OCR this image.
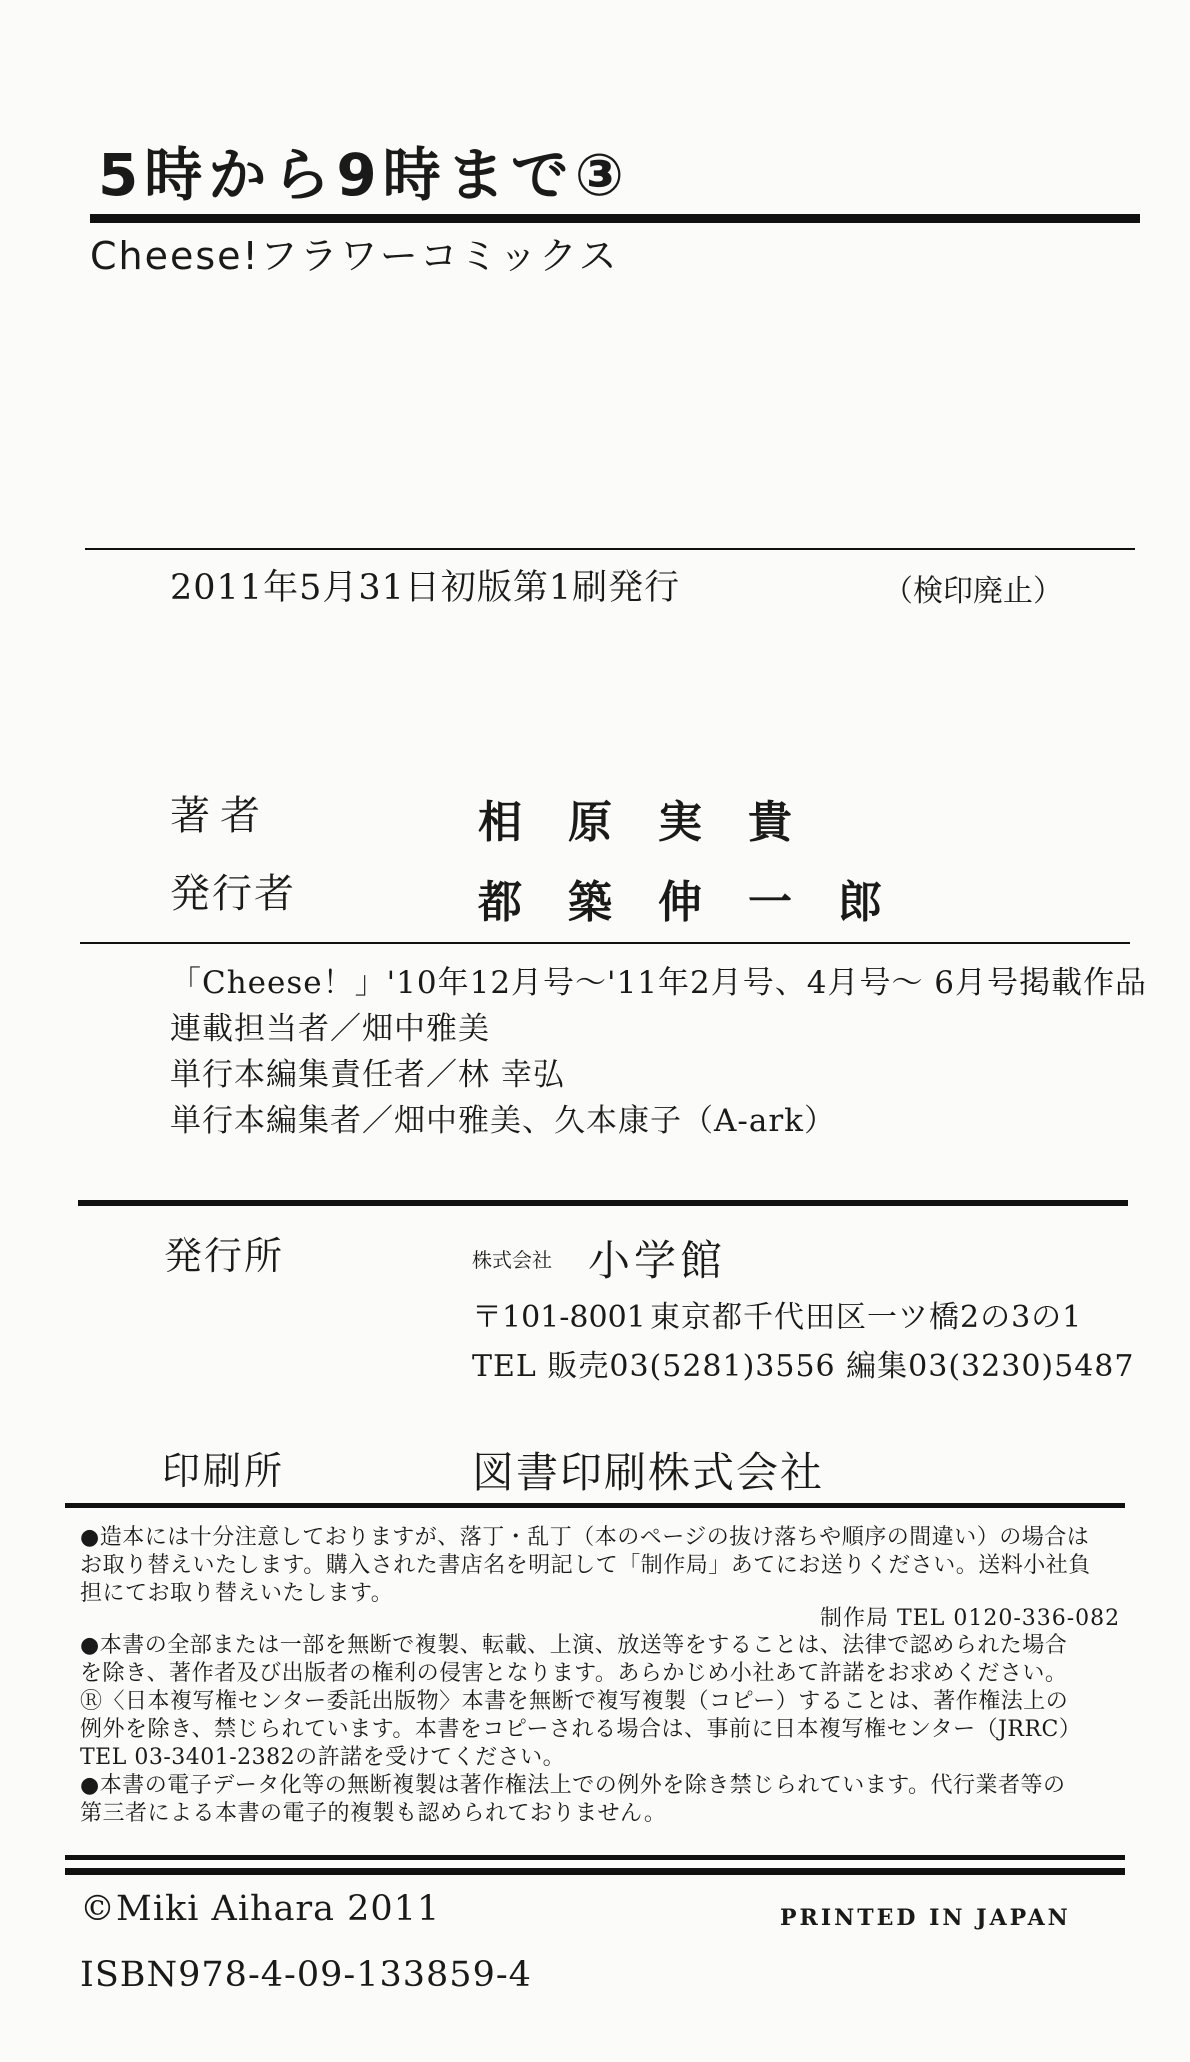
5時から9時まで③
Cheese!フラワーコミックス
2011年5月31日初版第1刷発行	（検印廃止）
著者	相原実貴
発行者	都築伸一郎
「Cheese！」'10年12月号〜'11年2月号、4月号〜 6月号掲載作品
連載担当者／畑中雅美
単行本編集責任者／林 幸弘
単行本編集者／畑中雅美、久本康子（A-ark）
発行所	株式会社 小学館
〒101-8001 東京都千代田区一ツ橋2の3の1
TEL 販売03(5281)3556 編集03(3230)5487
印刷所	図書印刷株式会社
●造本には十分注意しておりますが、落丁・乱丁（本のページの抜け落ちや順序の間違い）の場合は
お取り替えいたします。購入された書店名を明記して「制作局」あてにお送りください。送料小社負
担にてお取り替えいたします。
制作局 TEL 0120-336-082
●本書の全部または一部を無断で複製、転載、上演、放送等をすることは、法律で認められた場合
を除き、著作者及び出版者の権利の侵害となります。あらかじめ小社あて許諾をお求めください。
Ⓡ〈日本複写権センター委託出版物〉本書を無断で複写複製（コピー）することは、著作権法上の
例外を除き、禁じられています。本書をコピーされる場合は、事前に日本複写権センター（JRRC）
TEL 03-3401-2382の許諾を受けてください。
●本書の電子データ化等の無断複製は著作権法上での例外を除き禁じられています。代行業者等の
第三者による本書の電子的複製も認められておりません。
©Miki Aihara 2011	PRINTED IN JAPAN
ISBN978-4-09-133859-4
